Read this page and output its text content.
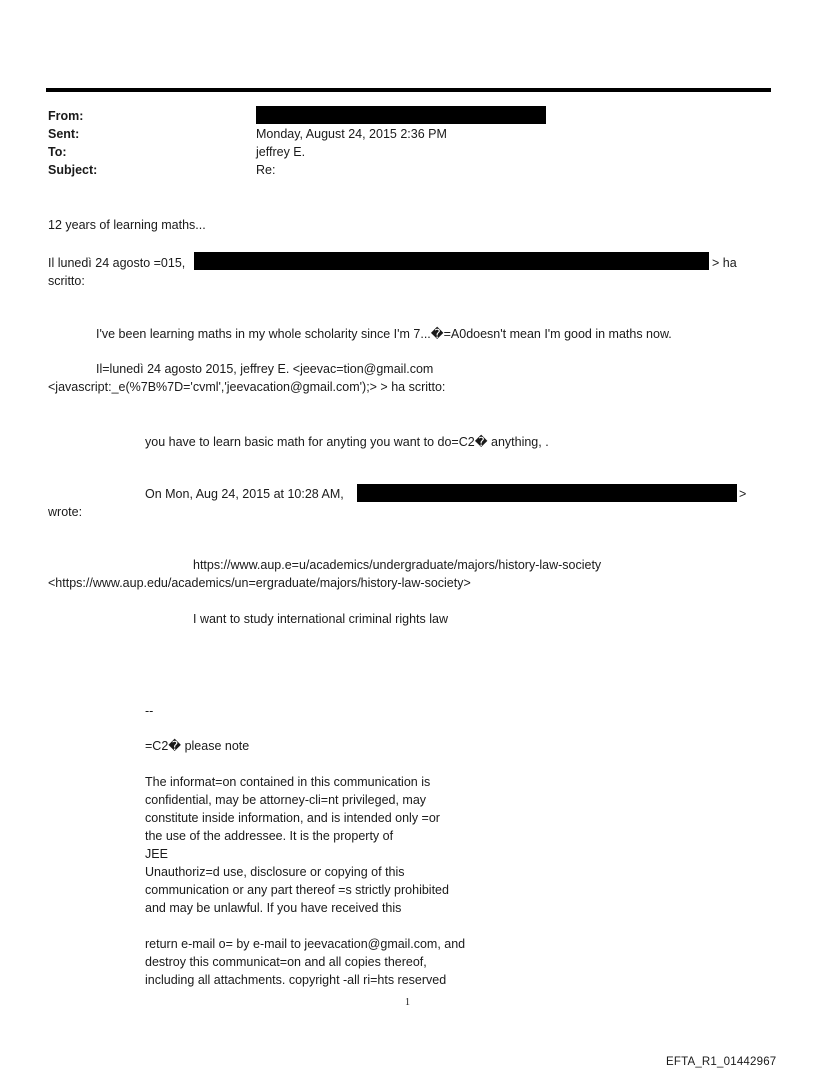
From:
Sent:	Monday, August 24, 2015 2:36 PM
To:	jeffrey E.
Subject:	Re:
12 years of learning maths...
Il lunedì 24 agosto =015,	> ha
scritto:
I've been learning maths in my whole scholarity since I'm 7...�=A0doesn't mean I'm good in maths now.
Il=lunedì 24 agosto 2015, jeffrey E. <jeevac=tion@gmail.com
<javascript:_e(%7B%7D='cvml','jeevacation@gmail.com');> > ha scritto:
you have to learn basic math for anyting you want to do=C2� anything, .
On Mon, Aug 24, 2015 at 10:28 AM,	>
wrote:
https://www.aup.e=u/academics/undergraduate/majors/history-law-society
<https://www.aup.edu/academics/un=ergraduate/majors/history-law-society>
I want to study international criminal rights law
--
=C2� please note
The informat=on contained in this communication is
confidential, may be attorney-cli=nt privileged, may
constitute inside information, and is intended only =or
the use of the addressee. It is the property of
JEE
Unauthoriz=d use, disclosure or copying of this
communication or any part thereof =s strictly prohibited
and may be unlawful. If you have received this
return e-mail o= by e-mail to jeevacation@gmail.com, and
destroy this communicat=on and all copies thereof,
including all attachments. copyright -all ri=hts reserved
1
EFTA_R1_01442967
